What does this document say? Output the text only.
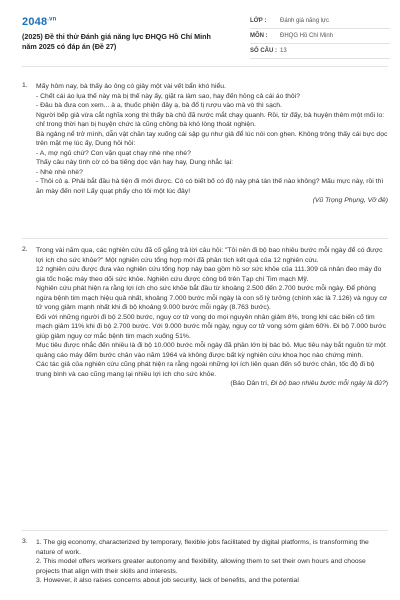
$2048^{.vn}$
(2025) Đề thi thử Đánh giá năng lực ĐHQG Hồ Chí Minh năm 2025 có đáp án (Đề 27)
LỚP :	Đánh giá năng lực
MÔN :	ĐHQG Hồ Chí Minh
SỐ CÂU : 13
1. Mấy hôm nay, bà thấy ảo ông có giây một vài vết bẩn khó hiểu.

- Chết cái áo lụa thế này mà bị thế này ấy, giặt ra làm sao, hay đến hỏng cả cái áo thôi?

- Đâu bà đưa con xem... à a, thuốc phiện đây ạ, bà đổ tị rượu vào mà vò thì sạch.

Người bếp giả vừa cắt nghĩa xong thì thấy bà chủ đã nước mắt chạy quanh. Rồi, từ đấy, bà huyện thêm một mối lo: chỉ trong thời hạn bị huyện chức là cũng chồng bà khó lòng thoát nghiện.

Bà ngảng nể trở mình, dẫn vật chăn tay xuống cái sập gụ như giả để lúc nói con ghen. Không trông thấy cái bực dọc trên mặt mẹ lúc ấy, Dung hỏi hỏi:

- A, mợ ngủ chứ? Con vặn quạt chạy nhè nhẹ nhé?

Thấy câu này tình cờ có ba tiếng dọc vận hay hay, Dung nhắc lại:

- Nhè nhè nhè?

- Thôi cô ạ. Phải bắt đầu hà tiện đi mới được. Có có biết bố có độ này phá tán thế nào không? Mấu mực này, rồi thì ăn mày đến nơi! Lấy quạt phẩy cho tôi một lúc đây!

(Vũ Trọng Phụng, Vỡ đê)

2. Trong vài năm qua, các nghiên cứu đã cố gắng trả lời câu hỏi: "Tôi nên đi bộ bao nhiêu bước mỗi ngày để có được lợi ích cho sức khỏe?" Một nghiên cứu tổng hợp mới đã phân tích kết quả của 12 nghiên cứu.

12 nghiên cứu được đưa vào nghiên cứu tổng hợp này bao gồm hồ sơ sức khỏe của 111.309 cá nhân đeo máy đo gia tốc hoặc máy theo dõi sức khỏe. Nghiên cứu được công bố trên Tạp chí Tim mạch Mỹ.

Nghiên cứu phát hiện ra rằng lợi ích cho sức khỏe bắt đầu từ khoảng 2.500 đến 2.700 bước mỗi ngày. Để phòng ngừa bệnh tim mạch hiệu quả nhất, khoảng 7.000 bước mỗi ngày là con số lý tưởng (chính xác là 7.126) và nguy cơ tử vong giảm mạnh nhất khi đi bộ khoảng 9.000 bước mỗi ngày (8.763 bước).

Đối với những người đi bộ 2.500 bước, nguy cơ tử vong do mọi nguyên nhân giảm 8%, trong khi các biến cố tim mạch giảm 11% khi đi bộ 2.700 bước. Với 9.000 bước mỗi ngày, nguy cơ tử vong sớm giảm 60%. Đi bộ 7.000 bước giúp giảm nguy cơ mắc bệnh tim mạch xuống 51%.

Mục tiêu được nhắc đến nhiều là đi bộ 10.000 bước mỗi ngày đã phần lớn bị bác bỏ. Mục tiêu này bắt nguồn từ một quảng cáo máy đếm bước chân vào năm 1964 và không được bất kỳ nghiên cứu khoa học nào chứng minh.

Các tác giả của nghiên cứu cũng phát hiện ra rằng ngoài những lợi ích liên quan đến số bước chân, tốc độ đi bộ trung bình và cao cũng mang lại nhiều lợi ích cho sức khỏe.

(Báo Dân trí, Đi bộ bao nhiêu bước mỗi ngày là đủ?)

3. 1. The gig economy, characterized by temporary, flexible jobs facilitated by digital platforms, is transforming the nature of work.

2. This model offers workers greater autonomy and flexibility, allowing them to set their own hours and choose projects that align with their skills and interests.

3. However, it also raises concerns about job security, lack of benefits, and the potential
